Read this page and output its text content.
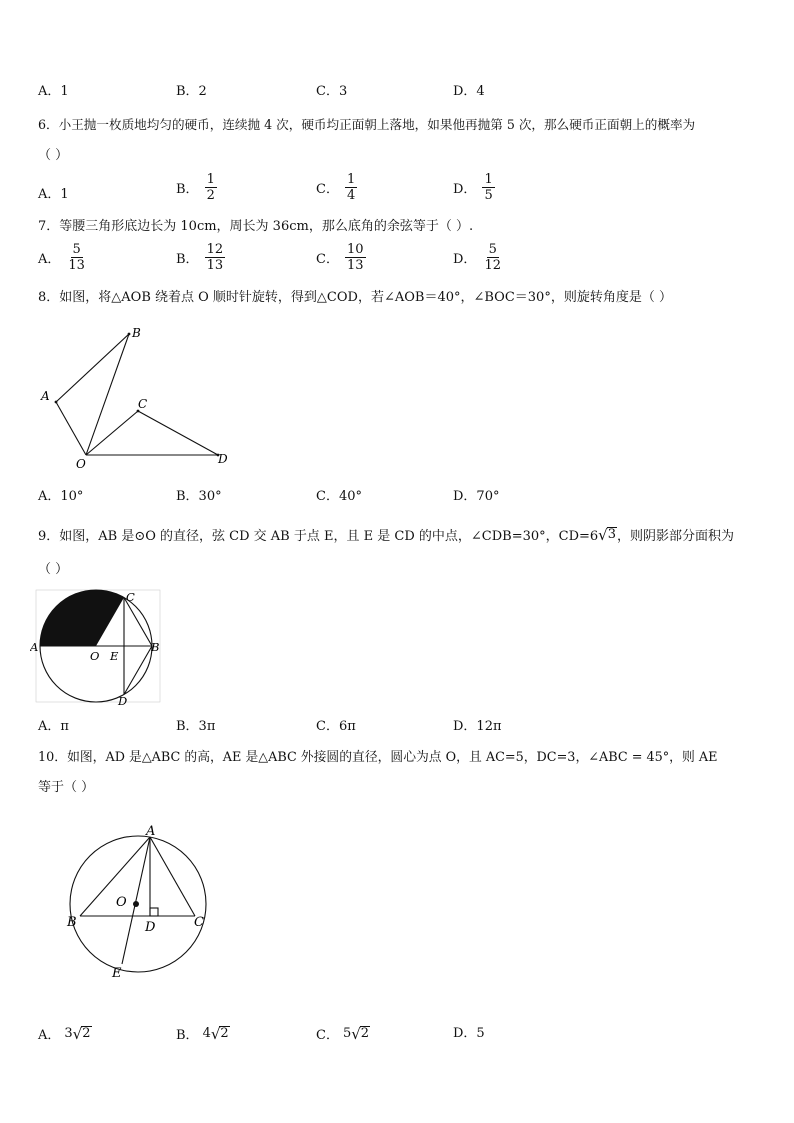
A．1	B．2	C．3	D．4
6．小王抛一枚质地均匀的硬币，连续抛 4 次，硬币均正面朝上落地，如果他再抛第 5 次，那么硬币正面朝上的概率为
（ ）
A．1	B． $\frac{1}{2}$	C． $\frac{1}{4}$	D． $\frac{1}{5}$
7．等腰三角形底边长为 10cm，周长为 36cm，那么底角的余弦等于（ ）.
A． $\frac{5}{13}$	B． $\frac{12}{13}$	C． $\frac{10}{13}$	D． $\frac{5}{12}$
8．如图，将△AOB 绕着点 O 顺时针旋转，得到△COD，若∠AOB＝40°，∠BOC＝30°，则旋转角度是（ ）
B
A
C
O	D
A．10°	B．30°	C．40°	D．70°
9．如图，AB 是⊙O 的直径，弦 CD 交 AB 于点 E，且 E 是 CD 的中点，∠CDB=30°，CD=6 √ 3 ，则阴影部分面积为
（ ）
C
A
O E
B
D
A．π	B．3π	C．6π	D．12π
10．如图，AD 是△ABC 的高，AE 是△ABC 外接圆的直径，圆心为点 O，且 AC=5，DC=3，∠ABC = 45°，则 AE
等于（ ）
A
O
B	D	C
E
A． 3 √ 2	B． 4 √ 2	C． 5 √ 2	D．5
